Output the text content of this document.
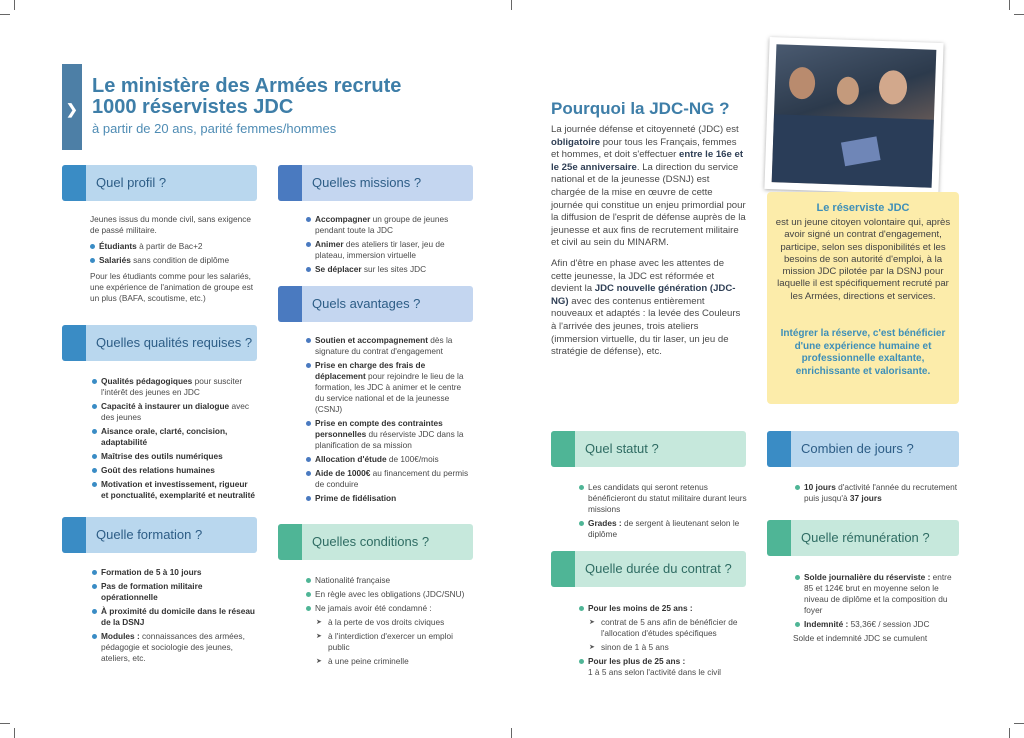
❯
Le ministère des Armées recrute 1000 réservistes JDC
à partir de 20 ans, parité femmes/hommes
Quel profil ?

Jeunes issus du monde civil, sans exigence de passé militaire.

Étudiants à partir de Bac+2
Salariés sans condition de diplôme

Pour les étudiants comme pour les salariés, une expérience de l'animation de groupe est un plus (BAFA, scoutisme, etc.)

Quelles qualités requises ?
Qualités pédagogiques pour susciter l'intérêt des jeunes en JDC
Capacité à instaurer un dialogue avec des jeunes
Aisance orale, clarté, concision, adaptabilité
Maîtrise des outils numériques
Goût des relations humaines
Motivation et investissement, rigueur et ponctualité, exemplarité et neutralité
Quelle formation ?
Formation de 5 à 10 jours
Pas de formation militaire opérationnelle
À proximité du domicile dans le réseau de la DSNJ
Modules : connaissances des armées, pédagogie et sociologie des jeunes, ateliers, etc.
Quelles missions ?
Accompagner un groupe de jeunes pendant toute la JDC
Animer des ateliers tir laser, jeu de plateau, immersion virtuelle
Se déplacer sur les sites JDC
Quels avantages ?
Soutien et accompagnement dès la signature du contrat d'engagement
Prise en charge des frais de déplacement pour rejoindre le lieu de la formation, les JDC à animer et le centre du service national et de la jeunesse (CSNJ)
Prise en compte des contraintes personnelles du réserviste JDC dans la planification de sa mission
Allocation d'étude de 100€/mois
Aide de 1000€ au financement du permis de conduire
Prime de fidélisation
Quelles conditions ?
Nationalité française
En règle avec les obligations (JDC/SNU)
Ne jamais avoir été condamné :
➤ à la perte de vos droits civiques
➤ à l'interdiction d'exercer un emploi public
➤ à une peine criminelle
Pourquoi la JDC-NG ?

La journée défense et citoyenneté (JDC) est obligatoire pour tous les Français, femmes et hommes, et doit s'effectuer entre le 16e et le 25e anniversaire. La direction du service national et de la jeunesse (DSNJ) est chargée de la mise en œuvre de cette journée qui constitue un enjeu primordial pour la diffusion de l'esprit de défense auprès de la jeunesse et aux fins de recrutement militaire et civil au sein du MINARM.

Afin d'être en phase avec les attentes de cette jeunesse, la JDC est réformée et devient la JDC nouvelle génération (JDC-NG) avec des contenus entièrement nouveaux et adaptés : la levée des Couleurs à l'arrivée des jeunes, trois ateliers (immersion virtuelle, du tir laser, un jeu de stratégie de défense), etc.

Le réserviste JDC
est un jeune citoyen volontaire qui, après avoir signé un contrat d'engagement, participe, selon ses disponibilités et les besoins de son autorité d'emploi, à la mission JDC pilotée par la DSNJ pour laquelle il est spécifiquement recruté par les Armées, directions et services.
Intégrer la réserve, c'est bénéficier d'une expérience humaine et professionnelle exaltante, enrichissante et valorisante.
Quel statut ?
Les candidats qui seront retenus bénéficieront du statut militaire durant leurs missions
Grades : de sergent à lieutenant selon le diplôme
Quelle durée du contrat ?
Pour les moins de 25 ans :
➤ contrat de 5 ans afin de bénéficier de l'allocation d'études spécifiques
➤ sinon de 1 à 5 ans
Pour les plus de 25 ans :
1 à 5 ans selon l'activité dans le civil
Combien de jours ?
10 jours d'activité l'année du recrutement puis jusqu'à 37 jours
Quelle rémunération ?
Solde journalière du réserviste : entre 85 et 124€ brut en moyenne selon le niveau de diplôme et la composition du foyer
Indemnité : 53,36€ / session JDC

Solde et indemnité JDC se cumulent
